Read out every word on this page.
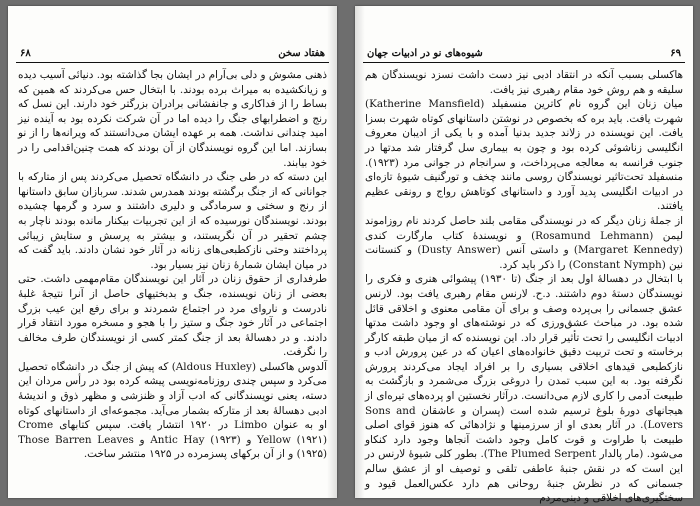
۶۸	هفتاد سخن

ذهنی مشوش و دلی بی‌آرام در ایشان بجا گذاشته بود. دنیائی آسیب دیده و زیانکشیده به میراث برده بودند. با ابتخال حس می‌کردند که همین که بساط را از فداکاری و جانفشانی برادران بزرگتر خود دارند. این نسل که رنج و اضطرابهای جنگ را دیده اما در آن شرکت نکرده بود به آینده نیز امید چندانی نداشت. همه بر عهده ایشان می‌دانستند که ویرانه‌ها را از نو بسازند. اما این گروه نویسندگان از آن بودند که همت چنین‌اقدامی را در خود بیابند.

این دسته که در طی جنگ در دانشگاه تحصیل می‌کردند پس از متارکه با جوانانی که از جنگ برگشته بودند همدرس شدند. سربازان سابق داستانها از رنج و سختی و سرمادگی و دلیری داشتند و سرد و گرمها چشیده بودند. نویسندگان نورسیده که از این تجربیات بیکنار مانده بودند ناچار به چشم تحقیر در آن نگریستند، و بیشتر به پرسش و ستایش زیبائی پرداختند وحتی نازکطبعی‌های زنانه در آثار خود نشان دادند. باید گفت که در میان ایشان شمارهٔ زنان نیز بسیار بود.

طرفداری از حقوق زنان در آثار این نویسندگان مقام‌مهمی داشت. حتی بعضی از زنان نویسنده، جنگ و بدبختیهای حاصل از آنرا نتیجهٔ غلبهٔ نادرست و ناروای مرد در اجتماع شمردند و برای رفع این عیب بزرگ اجتماعی در آثار خود جنگ و ستیز را با هجو و مسخره مورد انتقاد قرار دادند. و در دهسالهٔ بعد از جنگ کمتر کسی از نویسندگان طرف مخالف را نگرفت.

آلدوس هاکسلی (Aldous Huxley) که پیش از جنگ در دانشگاه تحصیل می‌کرد و سپس چندی روزنامه‌نویسی پیشه کرده بود در رأس مردان این دسته، یعنی نویسندگانی که ادب آزاد و ظنزشی و مظهر ذوق و اندیشهٔ ادبی دهسالهٔ بعد از متارکه بشمار می‌آید. مجموعه‌ای از داستانهای کوتاه او به عنوان Limbo در ۱۹۲۰ انتشار یافت. سپس کتابهای Crome Yellow (۱۹۲۱) و Antic Hay (۱۹۲۳) و Those Barren Leaves (۱۹۲۵) و از آن برکهای پسزمرده در ۱۹۲۵ منتشر ساخت.

۶۹
شیوه‌های نو در ادبیات جهان

هاکسلی بسبب آنکه در انتقاد ادبی نیز دست داشت نسزد نویسندگان هم سلیقه و هم روش خود مقام رهبری نیز یافت.

میان زنان این گروه نام کاترین منسفیلد (Katherine Mansfield) شهرت یافت. باید بره که بخصوص در نوشتن داستانهای کوتاه شهرت بسزا یافت. این نویسنده در زلاند جدید بدنیا آمده و با یکی از ادیبان معروف انگلیسی زناشوئی کرده بود و چون به بیماری سل گرفتار شد مدتها در جنوب فرانسه به معالجه می‌پرداخت، و سرانجام در جوانی مرد (۱۹۲۳). منسفیلد تحت‌تاثیر نویسندگان روسی مانند چخف و تورگنیف شیوهٔ تازه‌ای در ادبیات انگلیسی پدید آورد و داستانهای کوتاهش رواج و رونقی عظیم یافتند.

از جملهٔ زنان دیگر که در نویسندگی مقامی بلند حاصل کردند نام روزاموند لیمن (Rosamund Lehmann) و نویسندهٔ کتاب مارگارت کندی (Margaret Kennedy) و داستی آنس (Dusty Answer) و کنستانت نین (Constant Nymph) را ذکر باید کرد.

با ابتخال در دهسالهٔ اول بعد از جنگ (تا ۱۹۳۰) پیشوائی هنری و فکری را نویسندگان دستهٔ دوم داشتند. د.ح. لارنس مقام رهبری یافت بود. لارنس عشق جسمانی را بی‌پرده وصف و برای آن مقامی معنوی و اخلاقی قائل شده بود. در مباحث عشق‌ورزی که در نوشته‌های او وجود داشت مدتها ادبیات انگلیسی را تحت تأثیر قرار داد. این نویسنده که از میان طبقه کارگر برخاسته و تحت تربیت دقیق خانواده‌های اعیان که در عین پرورش ادب و نازکطبعی قیدهای اخلاقی بسیاری را بر افراد ایجاد می‌کردند پرورش نگرفته بود. به این سبب تمدن را دروغی بزرگ می‌شمرد و بازگشت به طبیعت آدمی را کاری لازم می‌دانست. درآثار نخستین او پرده‌های تیره‌ای از هیجانهای دورهٔ بلوغ ترسیم شده است (پسران و عاشقان Sons and Lovers). در آثار بعدی او از سرزمینها و نژادهائی که هنوز قوای اصلی طبیعت با طراوت و قوت کامل وجود داشت آنجاها وجود دارد کنکاو می‌شود. (مار پالدار The Plumed Serpent). بطور کلی شیوهٔ لارنس در این است که در نقش جنبهٔ عاطفی تلقی و توصیف او از عشق سالم جسمانی که در نظرش جنبهٔ روحانی هم دارد عکس‌العمل قیود و سختگیری‌های اخلاقی و دینی‌مردم
